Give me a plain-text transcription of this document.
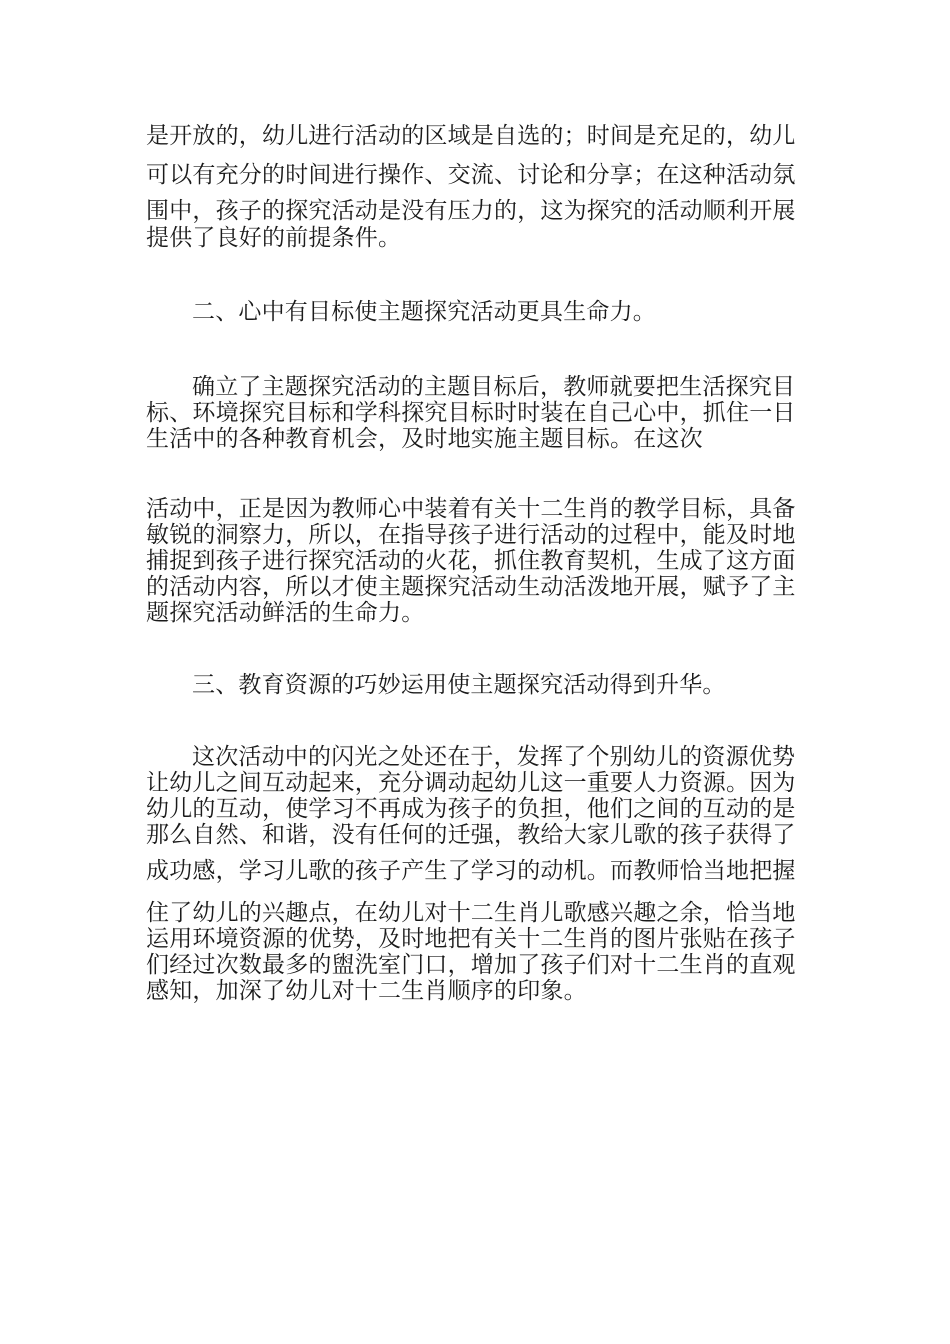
是开放的，幼儿进行活动的区域是自选的；时间是充足的，幼儿
可以有充分的时间进行操作、交流、讨论和分享；在这种活动氛
围中，孩子的探究活动是没有压力的，这为探究的活动顺利开展
提供了良好的前提条件。
二、心中有目标使主题探究活动更具生命力。
确立了主题探究活动的主题目标后，教师就要把生活探究目
标、环境探究目标和学科探究目标时时装在自己心中，抓住一日
生活中的各种教育机会，及时地实施主题目标。在这次
活动中，正是因为教师心中装着有关十二生肖的教学目标，具备
敏锐的洞察力，所以，在指导孩子进行活动的过程中，能及时地
捕捉到孩子进行探究活动的火花，抓住教育契机，生成了这方面
的活动内容，所以才使主题探究活动生动活泼地开展，赋予了主
题探究活动鲜活的生命力。
三、教育资源的巧妙运用使主题探究活动得到升华。
这次活动中的闪光之处还在于，发挥了个别幼儿的资源优势
让幼儿之间互动起来，充分调动起幼儿这一重要人力资源。因为
幼儿的互动，使学习不再成为孩子的负担，他们之间的互动的是
那么自然、和谐，没有任何的迁强，教给大家儿歌的孩子获得了
成功感，学习儿歌的孩子产生了学习的动机。而教师恰当地把握
住了幼儿的兴趣点，在幼儿对十二生肖儿歌感兴趣之余，恰当地
运用环境资源的优势，及时地把有关十二生肖的图片张贴在孩子
们经过次数最多的盥洗室门口，增加了孩子们对十二生肖的直观
感知，加深了幼儿对十二生肖顺序的印象。
